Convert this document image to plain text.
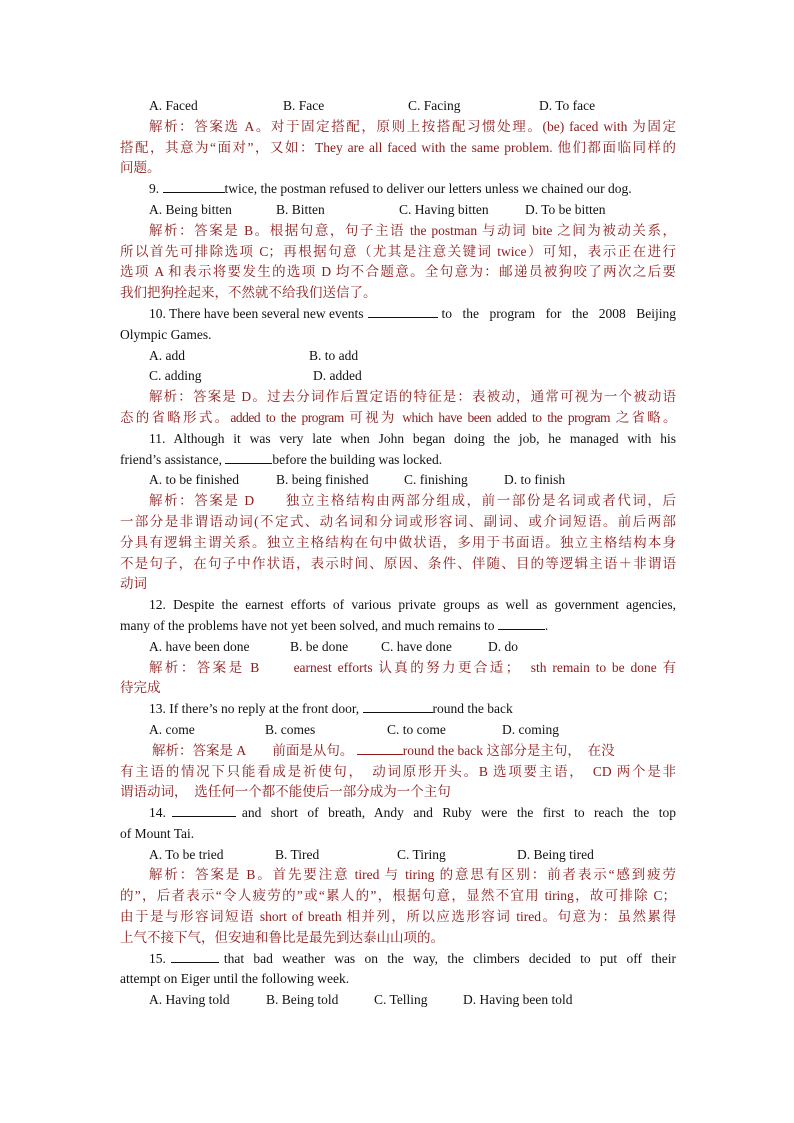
A. Faced	B. Face	C. Facing	D. To face
解析：答案选 A。对于固定搭配，原则上按搭配习惯处理。(be) faced with 为固定
搭配，其意为“面对”，又如：They are all faced with the same problem. 他们都面临同样的
问题。
9.	twice, the postman refused to deliver our letters unless we chained our dog.
A. Being bitten	B. Bitten	C. Having bitten	D. To be bitten
解析：答案是 B。根据句意，句子主语 the postman 与动词 bite 之间为被动关系，
所以首先可排除选项 C；再根据句意（尤其是注意关键词 twice）可知，表示正在进行
选项 A 和表示将要发生的选项 D 均不合题意。全句意为：邮递员被狗咬了两次之后要
我们把狗拴起来，不然就不给我们送信了。
10. There have been several new events	to the program for the 2008 Beijing
Olympic Games.
A. add	B. to add
C. adding	D. added
解析：答案是 D。过去分词作后置定语的特征是：表被动，通常可视为一个被动语
态的省略形式。added to the program 可视为 which have been added to the program 之省略。
11. Although it was very late when John began doing the job, he managed with his
friend’s assistance,	before the building was locked.
A. to be finished	B. being finished	C. finishing	D. to finish
解析：答案是 D　　独立主格结构由两部分组成，前一部份是名词或者代词，后
一部分是非谓语动词(不定式、动名词和分词或形容词、副词、或介词短语。前后两部
分具有逻辑主谓关系。独立主格结构在句中做状语，多用于书面语。独立主格结构本身
不是句子，在句子中作状语，表示时间、原因、条件、伴随、目的等逻辑主语＋非谓语
动词
12. Despite the earnest efforts of various private groups as well as government agencies,
many of the problems have not yet been solved, and much remains to	.
A. have been done	B. be done	C. have done	D. do
解析：答案是 B　　earnest efforts 认真的努力更合适；　sth remain to be done 有
待完成
13. If there’s no reply at the front door,	round the back
A. come	B. comes	C. to come	D. coming
解析：答案是 A　　前面是从句。	round the back 这部分是主句，　在没
有主语的情况下只能看成是祈使句，　动词原形开头。B 选项要主语，　CD 两个是非
谓语动词，　选任何一个都不能使后一部分成为一个主句
14.	and short of breath, Andy and Ruby were the first to reach the top
of Mount Tai.
A. To be tried	B. Tired	C. Tiring	D. Being tired
解析：答案是 B。首先要注意 tired 与 tiring 的意思有区别：前者表示“感到疲劳
的”，后者表示“令人疲劳的”或“累人的”，根据句意，显然不宜用 tiring，故可排除 C；
由于是与形容词短语 short of breath 相并列，所以应选形容词 tired。句意为：虽然累得
上气不接下气，但安迪和鲁比是最先到达泰山山项的。
15.	that bad weather was on the way, the climbers decided to put off their
attempt on Eiger until the following week.
A. Having told	B. Being told	C. Telling	D. Having been told
